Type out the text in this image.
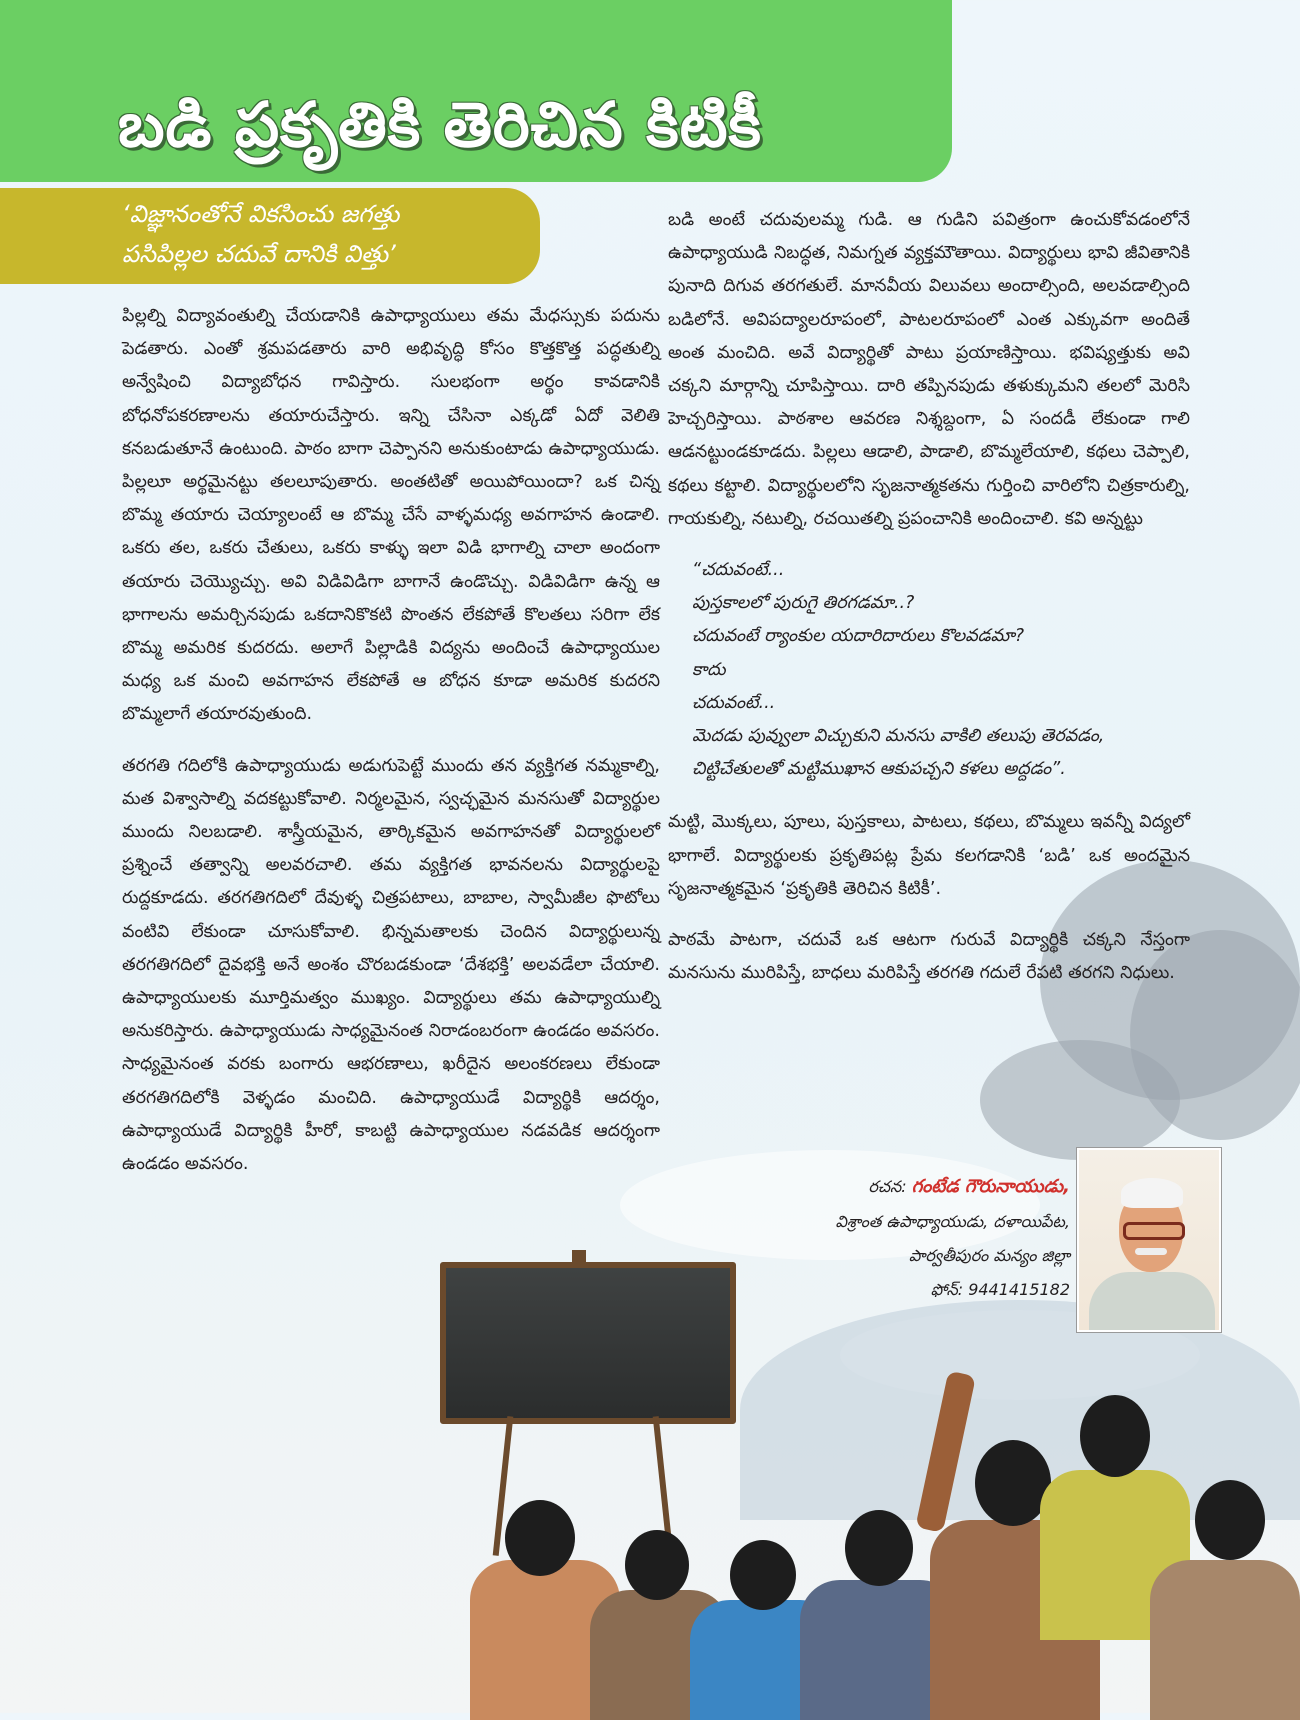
బడి ప్రకృతికి తెరిచిన కిటికీ
‘విజ్ఞానంతోనే వికసించు జగత్తు
పసిపిల్లల చదువే దానికి విత్తు’

పిల్లల్ని విద్యావంతుల్ని చేయడానికి ఉపాధ్యాయులు తమ మేధస్సుకు పదును పెడతారు. ఎంతో శ్రమపడతారు వారి అభివృద్ధి కోసం కొత్తకొత్త పద్ధతుల్ని అన్వేషించి విద్యాబోధన గావిస్తారు. సులభంగా అర్థం కావడానికి బోధనోపకరణాలను తయారుచేస్తారు. ఇన్ని చేసినా ఎక్కడో ఏదో వెలితి కనబడుతూనే ఉంటుంది. పాఠం బాగా చెప్పానని అనుకుంటాడు ఉపాధ్యాయుడు. పిల్లలూ అర్థమైనట్టు తలలూపుతారు. అంతటితో అయిపోయిందా? ఒక చిన్న బొమ్మ తయారు చెయ్యాలంటే ఆ బొమ్మ చేసే వాళ్ళమధ్య అవగాహన ఉండాలి. ఒకరు తల, ఒకరు చేతులు, ఒకరు కాళ్ళు ఇలా విడి భాగాల్ని చాలా అందంగా తయారు చెయ్యొచ్చు. అవి విడివిడిగా బాగానే ఉండొచ్చు. విడివిడిగా ఉన్న ఆ భాగాలను అమర్చినపుడు ఒకదానికొకటి పొంతన లేకపోతే కొలతలు సరిగా లేక బొమ్మ అమరిక కుదరదు. అలాగే పిల్లాడికి విద్యను అందించే ఉపాధ్యాయుల మధ్య ఒక మంచి అవగాహన లేకపోతే ఆ బోధన కూడా అమరిక కుదరని బొమ్మలాగే తయారవుతుంది.

తరగతి గదిలోకి ఉపాధ్యాయుడు అడుగుపెట్టే ముందు తన వ్యక్తిగత నమ్మకాల్ని, మత విశ్వాసాల్ని వదకట్టుకోవాలి. నిర్మలమైన, స్వచ్ఛమైన మనసుతో విద్యార్థుల ముందు నిలబడాలి. శాస్త్రీయమైన, తార్కికమైన అవగాహనతో విద్యార్థులలో ప్రశ్నించే తత్వాన్ని అలవరచాలి. తమ వ్యక్తిగత భావనలను విద్యార్థులపై రుద్దకూడదు. తరగతిగదిలో దేవుళ్ళ చిత్రపటాలు, బాబాల, స్వామీజీల ఫొటోలు వంటివి లేకుండా చూసుకోవాలి. భిన్నమతాలకు చెందిన విద్యార్థులున్న తరగతిగదిలో దైవభక్తి అనే అంశం చొరబడకుండా ‘దేశభక్తి’ అలవడేలా చేయాలి. ఉపాధ్యాయులకు మూర్తిమత్వం ముఖ్యం. విద్యార్థులు తమ ఉపాధ్యాయుల్ని అనుకరిస్తారు. ఉపాధ్యాయుడు సాధ్యమైనంత నిరాడంబరంగా ఉండడం అవసరం. సాధ్యమైనంత వరకు బంగారు ఆభరణాలు, ఖరీదైన అలంకరణలు లేకుండా తరగతిగదిలోకి వెళ్ళడం మంచిది. ఉపాధ్యాయుడే విద్యార్థికి ఆదర్శం, ఉపాధ్యాయుడే విద్యార్థికి హీరో, కాబట్టి ఉపాధ్యాయుల నడవడిక ఆదర్శంగా ఉండడం అవసరం.

బడి అంటే చదువులమ్మ గుడి. ఆ గుడిని పవిత్రంగా ఉంచుకోవడంలోనే ఉపాధ్యాయుడి నిబద్ధత, నిమగ్నత వ్యక్తమౌతాయి. విద్యార్థులు భావి జీవితానికి పునాది దిగువ తరగతులే. మానవీయ విలువలు అందాల్సింది, అలవడాల్సింది బడిలోనే. అవిపద్యాలరూపంలో, పాటలరూపంలో ఎంత ఎక్కువగా అందితే అంత మంచిది. అవే విద్యార్థితో పాటు ప్రయాణిస్తాయి. భవిష్యత్తుకు అవి చక్కని మార్గాన్ని చూపిస్తాయి. దారి తప్పినపుడు తళుక్కుమని తలలో మెరిసి హెచ్చరిస్తాయి. పాఠశాల ఆవరణ నిశ్శబ్దంగా, ఏ సందడీ లేకుండా గాలి ఆడనట్టుండకూడదు. పిల్లలు ఆడాలి, పాడాలి, బొమ్మలేయాలి, కథలు చెప్పాలి, కథలు కట్టాలి. విద్యార్థులలోని సృజనాత్మకతను గుర్తించి వారిలోని చిత్రకారుల్ని, గాయకుల్ని, నటుల్ని, రచయితల్ని ప్రపంచానికి అందించాలి. కవి అన్నట్టు

“చదువంటే...
పుస్తకాలలో పురుగై తిరగడమా..?
చదువంటే ర్యాంకుల యదారిదారులు కొలవడమా?
కాదు
చదువంటే...
మెదడు పువ్వులా విచ్చుకుని మనసు వాకిలి తలుపు తెరవడం,
చిట్టిచేతులతో మట్టిముఖాన ఆకుపచ్చని కళలు అద్దడం”.

మట్టి, మొక్కలు, పూలు, పుస్తకాలు, పాటలు, కథలు, బొమ్మలు ఇవన్నీ విద్యలో భాగాలే. విద్యార్థులకు ప్రకృతిపట్ల ప్రేమ కలగడానికి ‘బడి’ ఒక అందమైన సృజనాత్మకమైన ‘ప్రకృతికి తెరిచిన కిటికీ’.

పాఠమే పాటగా, చదువే ఒక ఆటగా గురువే విద్యార్థికి చక్కని నేస్తంగా మనసును మురిపిస్తే, బాధలు మరిపిస్తే తరగతి గదులే రేపటి తరగని నిధులు.

రచన: గంటేడ గౌరునాయుడు,
విశ్రాంత ఉపాధ్యాయుడు, దళాయిపేట,
పార్వతీపురం మన్యం జిల్లా
ఫోన్: 9441415182
